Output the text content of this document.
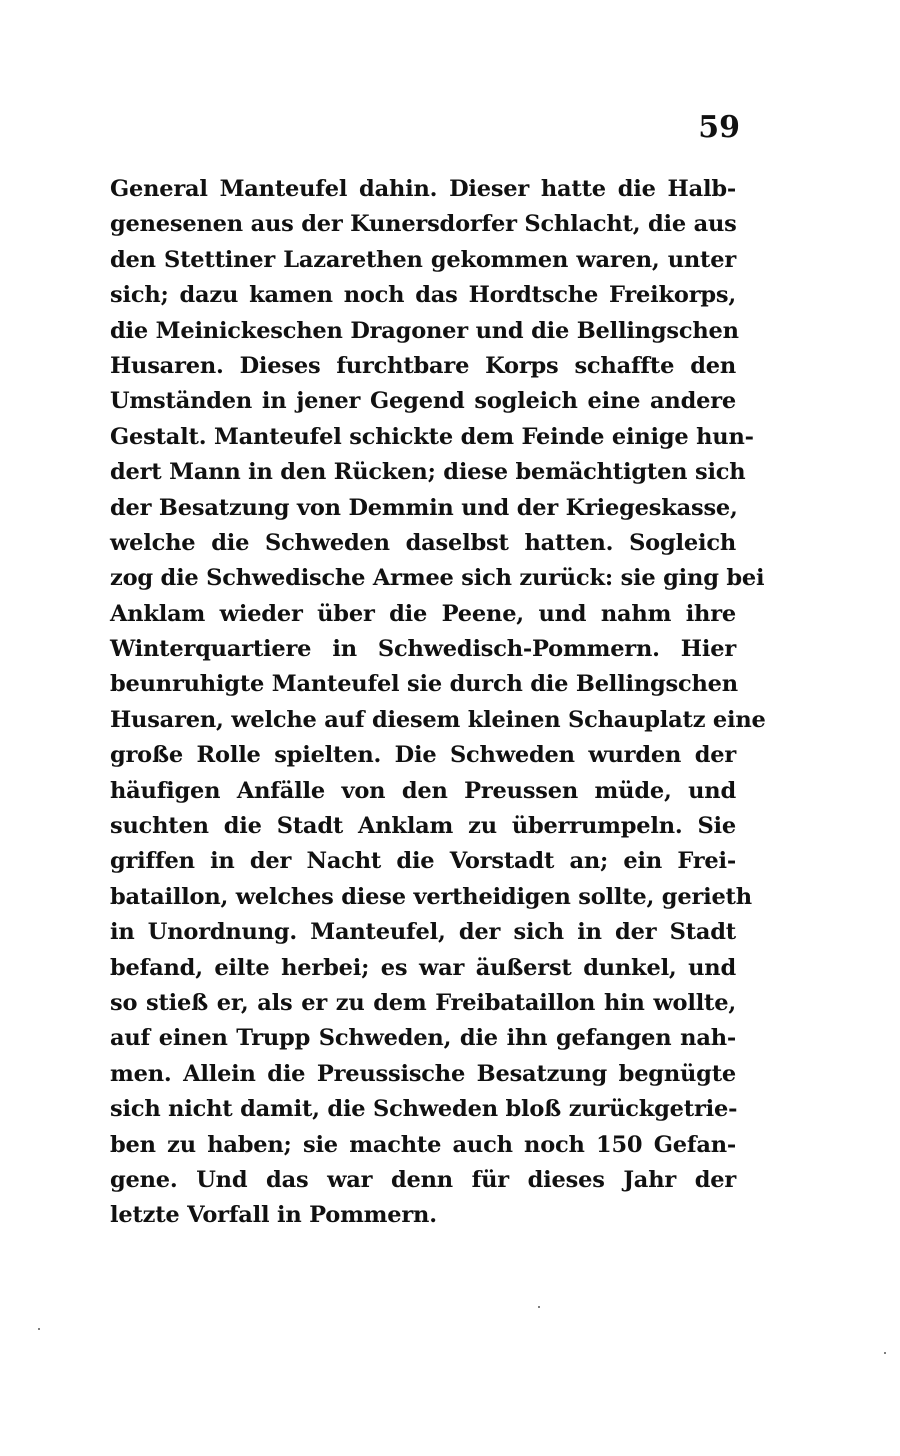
59
General Manteufel dahin. Dieser hatte die Halb-
genesenen aus der Kunersdorfer Schlacht, die aus
den Stettiner Lazarethen gekommen waren, unter
sich; dazu kamen noch das Hordtsche Freikorps,
die Meinickeschen Dragoner und die Bellingschen
Husaren. Dieses furchtbare Korps schaffte den
Umständen in jener Gegend sogleich eine andere
Gestalt. Manteufel schickte dem Feinde einige hun-
dert Mann in den Rücken; diese bemächtigten sich
der Besatzung von Demmin und der Kriegeskasse,
welche die Schweden daselbst hatten. Sogleich
zog die Schwedische Armee sich zurück: sie ging bei
Anklam wieder über die Peene, und nahm ihre
Winterquartiere in Schwedisch-Pommern. Hier
beunruhigte Manteufel sie durch die Bellingschen
Husaren, welche auf diesem kleinen Schauplatz eine
große Rolle spielten. Die Schweden wurden der
häufigen Anfälle von den Preussen müde, und
suchten die Stadt Anklam zu überrumpeln. Sie
griffen in der Nacht die Vorstadt an; ein Frei-
bataillon, welches diese vertheidigen sollte, gerieth
in Unordnung. Manteufel, der sich in der Stadt
befand, eilte herbei; es war äußerst dunkel, und
so stieß er, als er zu dem Freibataillon hin wollte,
auf einen Trupp Schweden, die ihn gefangen nah-
men. Allein die Preussische Besatzung begnügte
sich nicht damit, die Schweden bloß zurückgetrie-
ben zu haben; sie machte auch noch 150 Gefan-
gene. Und das war denn für dieses Jahr der
letzte Vorfall in Pommern.
